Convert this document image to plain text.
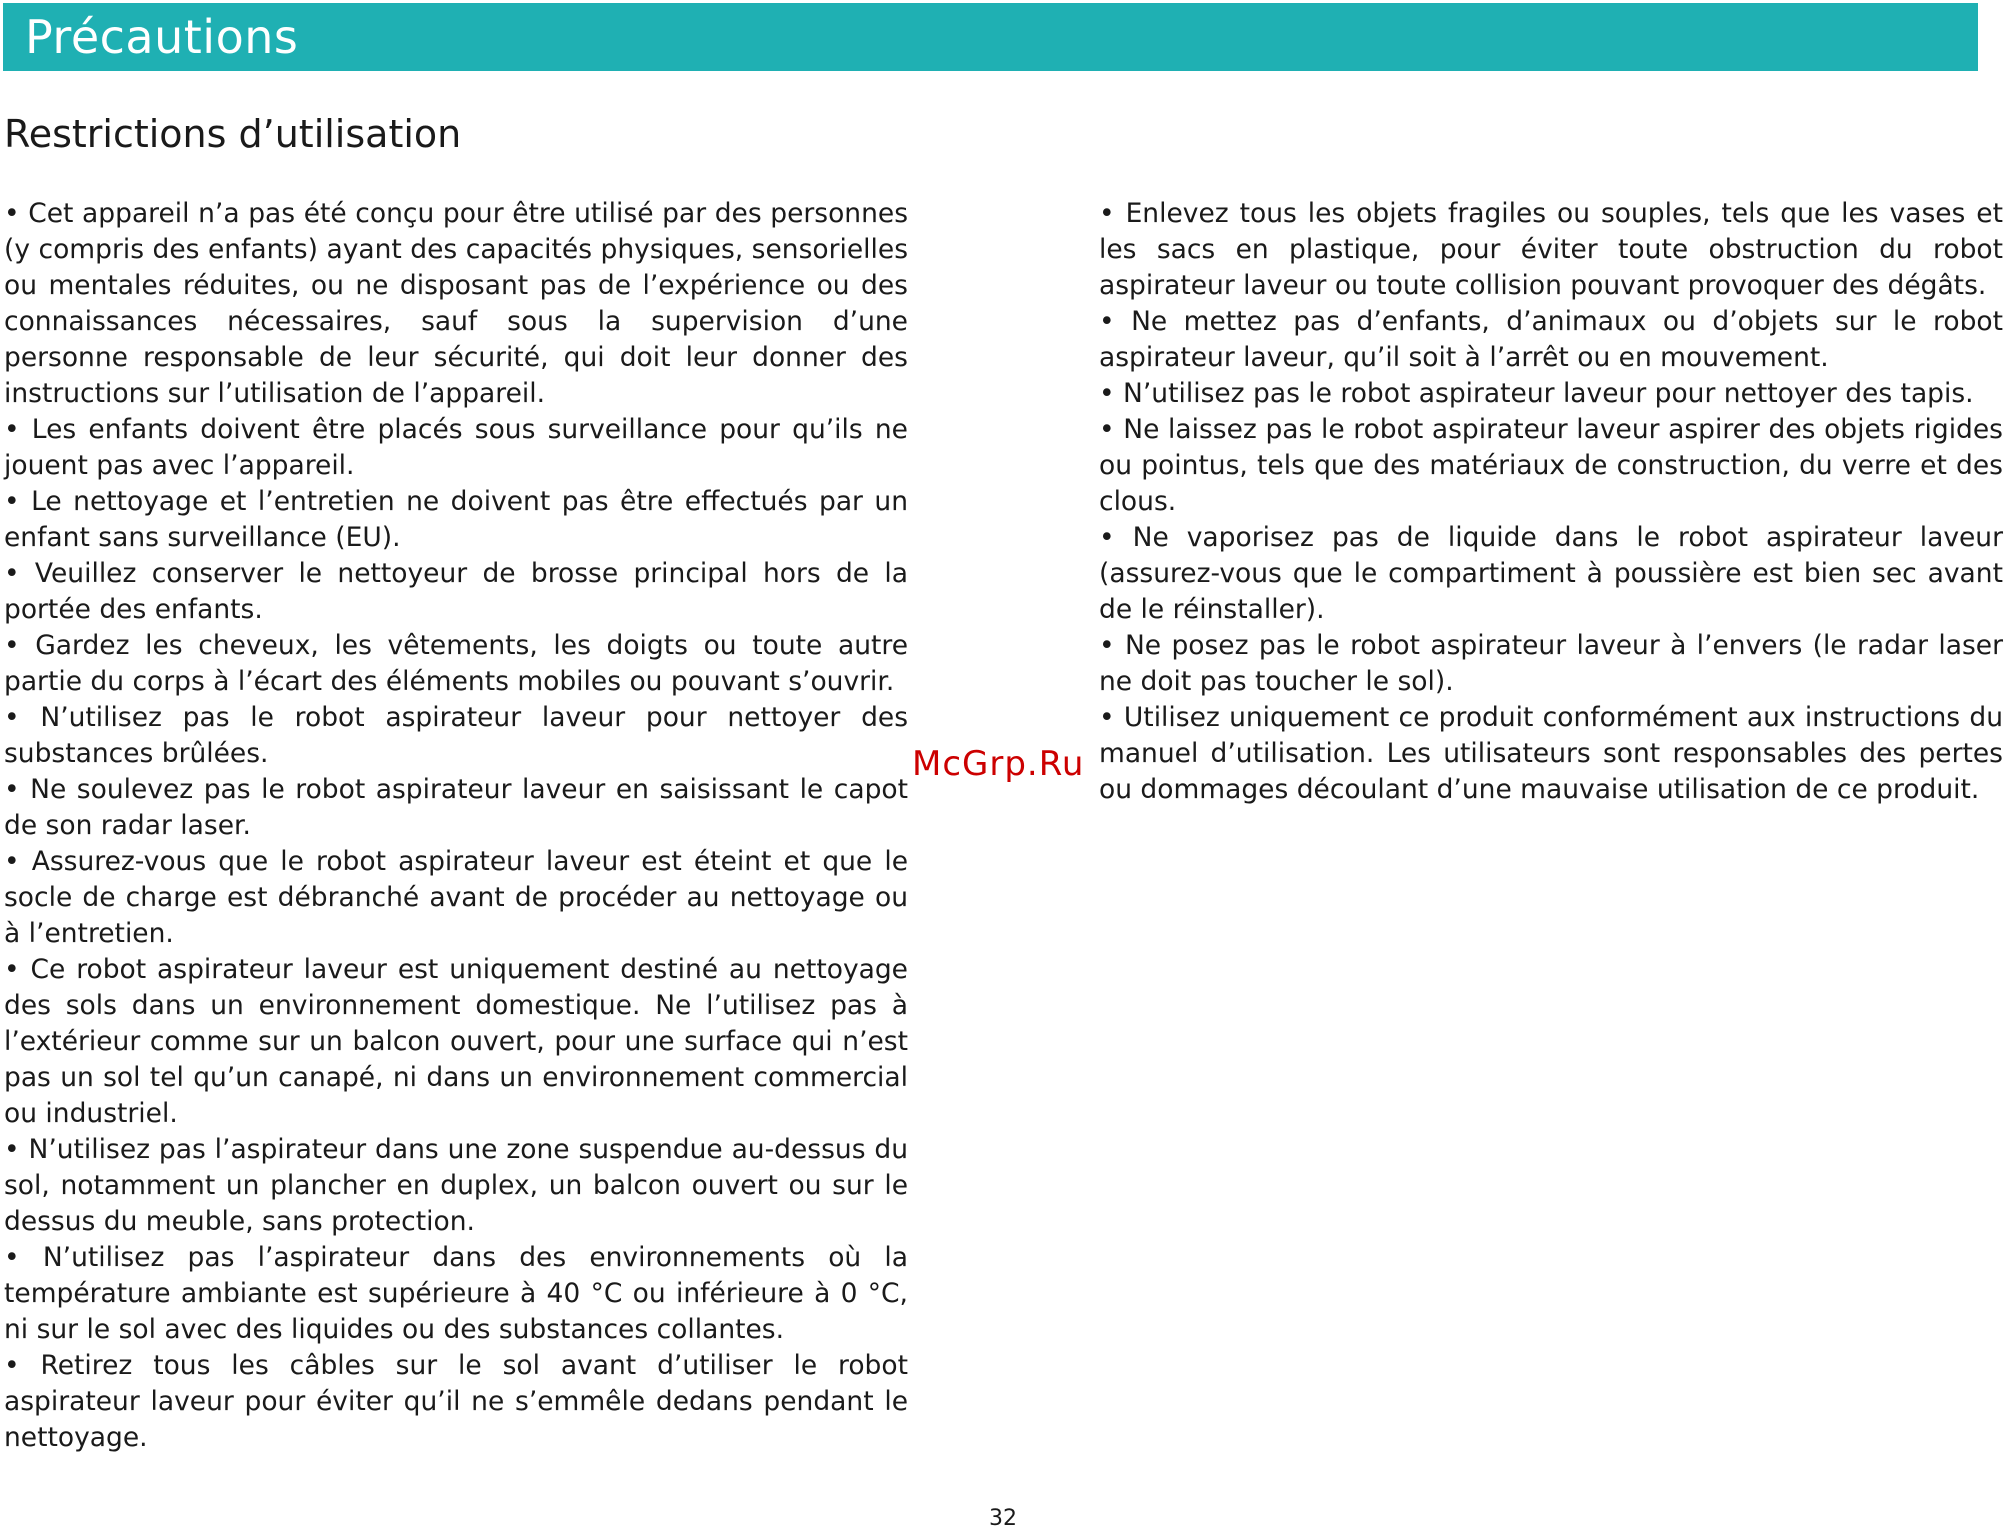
Précautions
Restrictions d’utilisation

• Cet appareil n’a pas été conçu pour être utilisé par des personnes (y compris des enfants) ayant des capacités physiques, sensorielles ou mentales réduites, ou ne disposant pas de l’expérience ou des connaissances nécessaires, sauf sous la supervision d’une personne responsable de leur sécurité, qui doit leur donner des instructions sur l’utilisation de l’appareil.

• Les enfants doivent être placés sous surveillance pour qu’ils ne jouent pas avec l’appareil.

• Le nettoyage et l’entretien ne doivent pas être effectués par un enfant sans surveillance (EU).

• Veuillez conserver le nettoyeur de brosse principal hors de la portée des enfants.

• Gardez les cheveux, les vêtements, les doigts ou toute autre partie du corps à l’écart des éléments mobiles ou pouvant s’ouvrir.

• N’utilisez pas le robot aspirateur laveur pour nettoyer des substances brûlées.

• Ne soulevez pas le robot aspirateur laveur en saisissant le capot de son radar laser.

• Assurez-vous que le robot aspirateur laveur est éteint et que le socle de charge est débranché avant de procéder au nettoyage ou à l’entretien.

• Ce robot aspirateur laveur est uniquement destiné au nettoyage des sols dans un environnement domestique. Ne l’utilisez pas à l’extérieur comme sur un balcon ouvert, pour une surface qui n’est pas un sol tel qu’un canapé, ni dans un environnement commercial ou industriel.

• N’utilisez pas l’aspirateur dans une zone suspendue au-dessus du sol, notamment un plancher en duplex, un balcon ouvert ou sur le dessus du meuble, sans protection.

• N’utilisez pas l’aspirateur dans des environnements où la température ambiante est supérieure à 40 °C ou inférieure à 0 °C, ni sur le sol avec des liquides ou des substances collantes.

• Retirez tous les câbles sur le sol avant d’utiliser le robot aspirateur laveur pour éviter qu’il ne s’emmêle dedans pendant le nettoyage.

• Enlevez tous les objets fragiles ou souples, tels que les vases et les sacs en plastique, pour éviter toute obstruction du robot aspirateur laveur ou toute collision pouvant provoquer des dégâts.

• Ne mettez pas d’enfants, d’animaux ou d’objets sur le robot aspirateur laveur, qu’il soit à l’arrêt ou en mouvement.

• N’utilisez pas le robot aspirateur laveur pour nettoyer des tapis.

• Ne laissez pas le robot aspirateur laveur aspirer des objets rigides ou pointus, tels que des matériaux de construction, du verre et des clous.

• Ne vaporisez pas de liquide dans le robot aspirateur laveur (assurez-vous que le compartiment à poussière est bien sec avant de le réinstaller).

• Ne posez pas le robot aspirateur laveur à l’envers (le radar laser ne doit pas toucher le sol).

• Utilisez uniquement ce produit conformément aux instructions du manuel d’utilisation. Les utilisateurs sont responsables des pertes ou dommages découlant d’une mauvaise utilisation de ce produit.

McGrp.Ru
32
